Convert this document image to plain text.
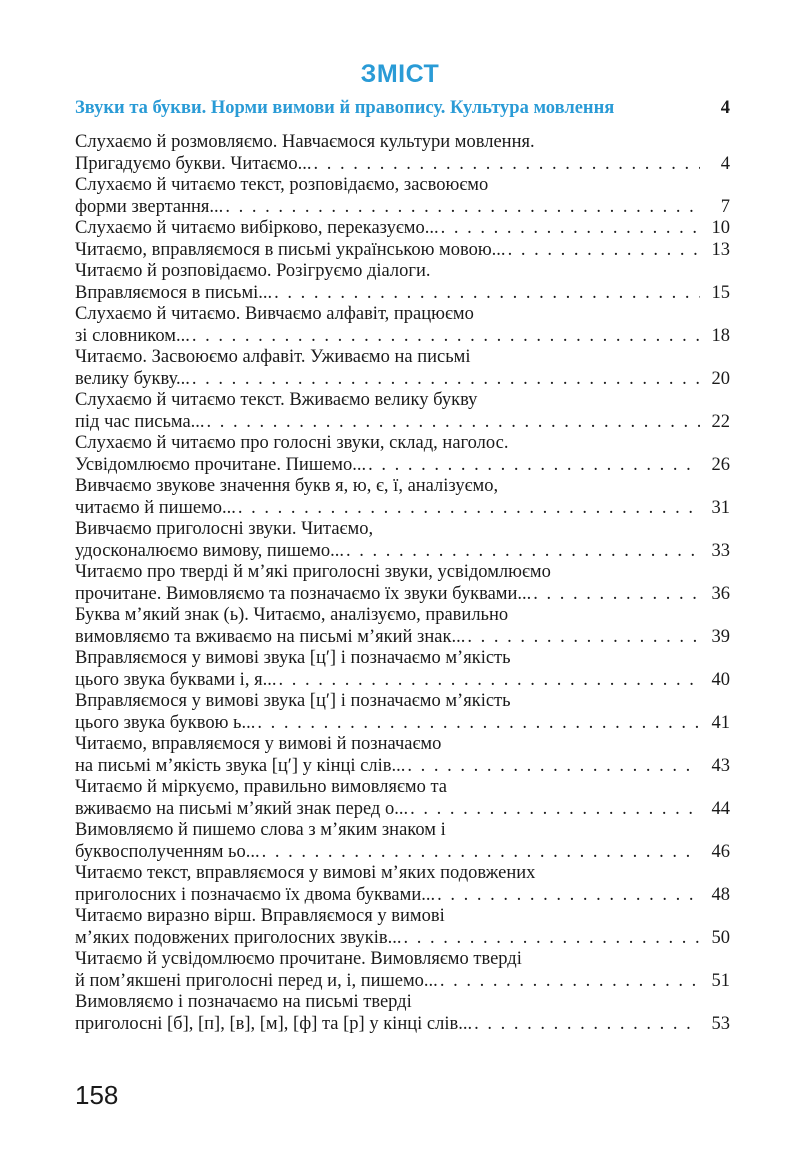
ЗМІСТ
Звуки та букви. Норми вимови й правопису. Культура мовлення	4
Слухаємо й розмовляємо. Навчаємося культури мовлення.
Пригадуємо букви. Читаємо... . . .	4
Слухаємо й читаємо текст, розповідаємо, засвоюємо
форми звертання... . . .	7
Слухаємо й читаємо вибірково, переказуємо... . . .	10
Читаємо, вправляємося в письмі українською мовою... . . .	13
Читаємо й розповідаємо. Розігруємо діалоги.
Вправляємося в письмі... . . .	15
Слухаємо й читаємо. Вивчаємо алфавіт, працюємо
зі словником... . . .	18
Читаємо. Засвоюємо алфавіт. Уживаємо на письмі
велику букву... . . .	20
Слухаємо й читаємо текст. Вживаємо велику букву
під час письма... . . .	22
Слухаємо й читаємо про голосні звуки, склад, наголос.
Усвідомлюємо прочитане. Пишемо... . . .	26
Вивчаємо звукове значення букв я, ю, є, ї, аналізуємо,
читаємо й пишемо... . . .	31
Вивчаємо приголосні звуки. Читаємо,
удосконалюємо вимову, пишемо... . . .	33
Читаємо про тверді й м’які приголосні звуки, усвідомлюємо
прочитане. Вимовляємо та позначаємо їх звуки буквами... . . .	36
Буква м’який знак (ь). Читаємо, аналізуємо, правильно
вимовляємо та вживаємо на письмі м’який знак... . . .	39
Вправляємося у вимові звука [ц′] і позначаємо м’якість
цього звука буквами і, я... . . .	40
Вправляємося у вимові звука [ц′] і позначаємо м’якість
цього звука буквою ь... . . .	41
Читаємо, вправляємося у вимові й позначаємо
на письмі м’якість звука [ц′] у кінці слів... . . .	43
Читаємо й міркуємо, правильно вимовляємо та
вживаємо на письмі м’який знак перед о... . . .	44
Вимовляємо й пишемо слова з м’яким знаком і
буквосполученням ьо... . . .	46
Читаємо текст, вправляємося у вимові м’яких подовжених
приголосних і позначаємо їх двома буквами... . . .	48
Читаємо виразно вірш. Вправляємося у вимові
м’яких подовжених приголосних звуків... . . .	50
Читаємо й усвідомлюємо прочитане. Вимовляємо тверді
й пом’якшені приголосні перед и, і, пишемо... . . .	51
Вимовляємо і позначаємо на письмі тверді
приголосні [б], [п], [в], [м], [ф] та [р] у кінці слів... . . .	53
158
